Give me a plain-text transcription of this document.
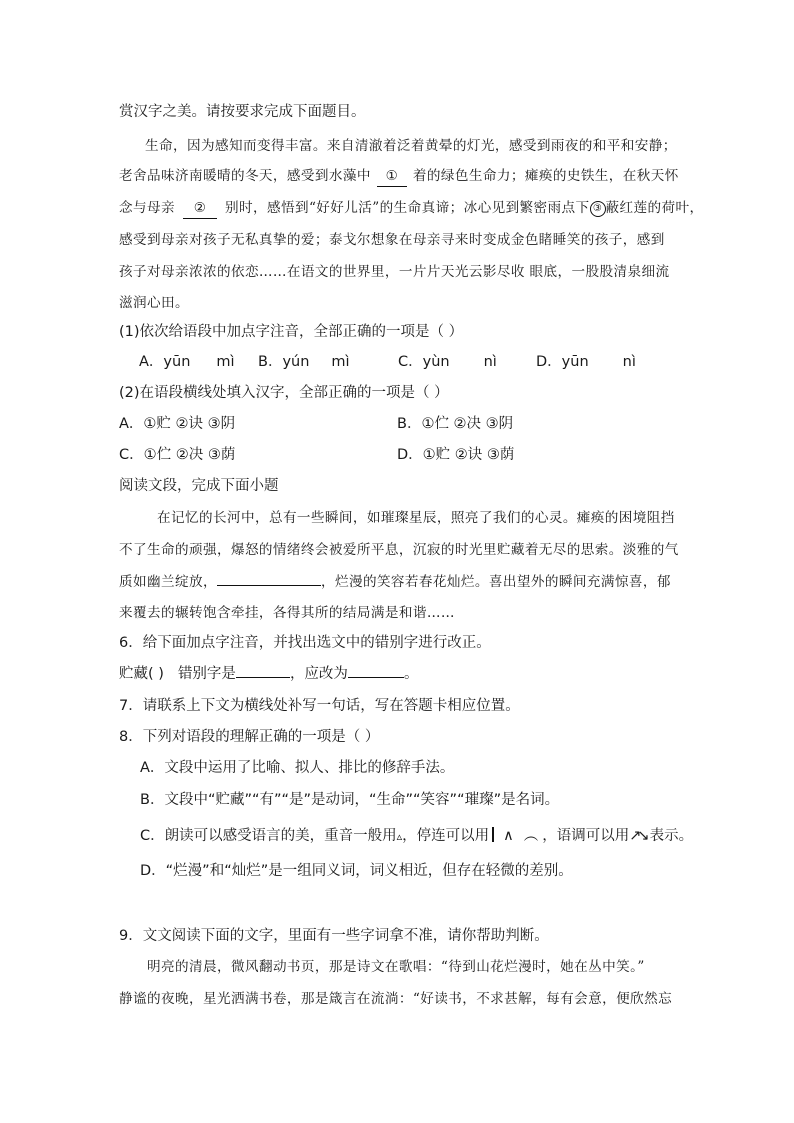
赏汉字之美。请按要求完成下面题目。
生命，因为感知而变得丰富。来自清澈着泛着黄晕的灯光，感受到雨夜的和平和安静；
老舍品味济南暖晴的冬天，感受到水藻中 ① 着的绿色生命力；瘫痪的史铁生，在秋天怀
念与母亲 ② 别时，感悟到“好好儿活”的生命真谛；冰心见到繁密雨点下 ③ 蔽红莲的荷叶，
感受到母亲对孩子无私真挚的爱；泰戈尔想象在母亲寻来时变成金色睹睡笑的孩子，感到
孩子对母亲浓浓的依恋……在语文的世界里，一片片天光云影尽收 眼底，一股股清泉细流
滋润心田。
(1)依次给语段中加点字注音，全部正确的一项是（ ）
A．yūn mì B．yún mì	C．yùn nì	D．yūn nì
(2)在语段横线处填入汉字，全部正确的一项是（ ）
A．①贮 ②诀 ③阴	B．①伫 ②决 ③阴
C．①伫 ②决 ③荫	D．①贮 ②诀 ③荫
阅读文段，完成下面小题
在记忆的长河中，总有一些瞬间，如璀璨星辰，照亮了我们的心灵。瘫痪的困境阻挡
不了生命的顽强，爆怒的情绪终会被爱所平息，沉寂的时光里贮藏着无尽的思索。淡雅的气
质如幽兰绽放，	，烂漫的笑容若春花灿烂。喜出望外的瞬间充满惊喜，郁
来覆去的辗转饱含牵挂，各得其所的结局满是和谐……
6．给下面加点字注音，并找出选文中的错别字进行改正。
贮藏( ) 错别字是	，应改为	。
7．请联系上下文为横线处补写一句话，写在答题卡相应位置。
8．下列对语段的理解正确的一项是（ ）
A．文段中运用了比喻、拟人、排比的修辞手法。
B．文段中“贮藏”“有”“是”是动词，“生命”“笑容”“璀璨”是名词。
C．朗读可以感受语言的美，重音一般用▵，停连可以用 ∧ ︵ ，语调可以用↗↘ 表示。
D．“烂漫”和“灿烂”是一组同义词，词义相近，但存在轻微的差别。
9．文文阅读下面的文字，里面有一些字词拿不准，请你帮助判断。
明亮的清晨，微风翻动书页，那是诗文在歌唱：“待到山花烂漫时，她在丛中笑。”
静谧的夜晚，星光洒满书卷，那是箴言在流淌：“好读书，不求甚解，每有会意，便欣然忘
